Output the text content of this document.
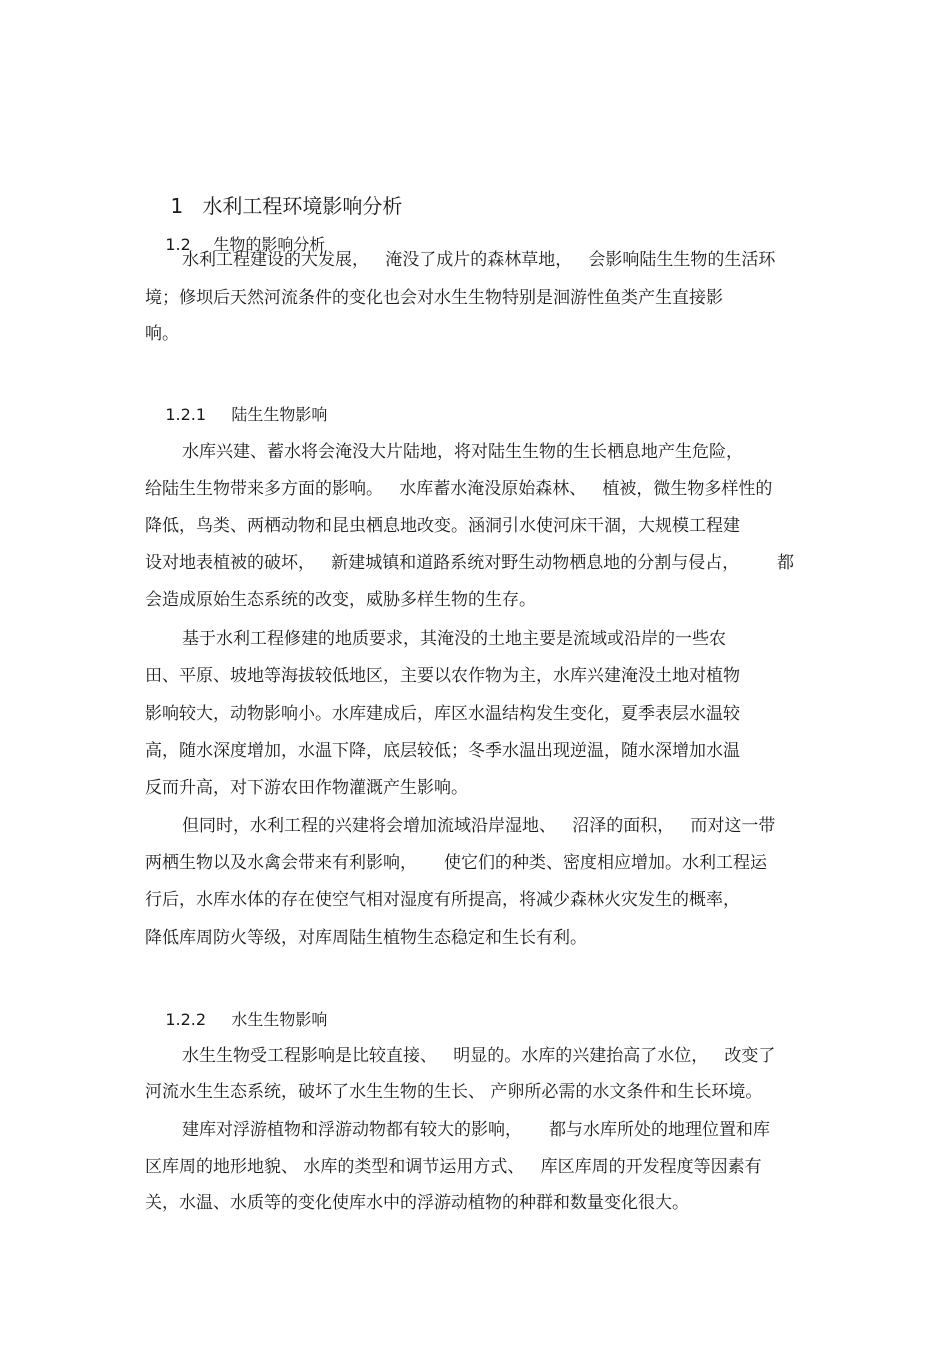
1 水利工程环境影响分析

1.2 生物的影响分析

水利工程建设的大发展，   淹没了成片的森林草地，   会影响陆生生物的生活环
境；修坝后天然河流条件的变化也会对水生生物特别是洄游性鱼类产生直接影
响。

1.2.1 陆生生物影响

水库兴建、蓄水将会淹没大片陆地，将对陆生生物的生长栖息地产生危险，
给陆生生物带来多方面的影响。   水库蓄水淹没原始森林、   植被，微生物多样性的
降低，鸟类、两栖动物和昆虫栖息地改变。涵洞引水使河床干涸，大规模工程建
设对地表植被的破坏，   新建城镇和道路系统对野生动物栖息地的分割与侵占，       都
会造成原始生态系统的改变，威胁多样生物的生存。
基于水利工程修建的地质要求，其淹没的土地主要是流域或沿岸的一些农
田、平原、坡地等海拔较低地区，主要以农作物为主，水库兴建淹没土地对植物
影响较大，动物影响小。水库建成后，库区水温结构发生变化，夏季表层水温较
高，随水深度增加，水温下降，底层较低；冬季水温出现逆温，随水深增加水温
反而升高，对下游农田作物灌溉产生影响。
但同时，水利工程的兴建将会增加流域沿岸湿地、   沼泽的面积，   而对这一带
两栖生物以及水禽会带来有利影响，     使它们的种类、密度相应增加。水利工程运
行后，水库水体的存在使空气相对湿度有所提高，将减少森林火灾发生的概率，
降低库周防火等级，对库周陆生植物生态稳定和生长有利。

1.2.2 水生生物影响

水生生物受工程影响是比较直接、   明显的。水库的兴建抬高了水位，   改变了
河流水生生态系统，破坏了水生生物的生长、 产卵所必需的水文条件和生长环境。
建库对浮游植物和浮游动物都有较大的影响，     都与水库所处的地理位置和库
区库周的地形地貌、 水库的类型和调节运用方式、   库区库周的开发程度等因素有
关，水温、水质等的变化使库水中的浮游动植物的种群和数量变化很大。
